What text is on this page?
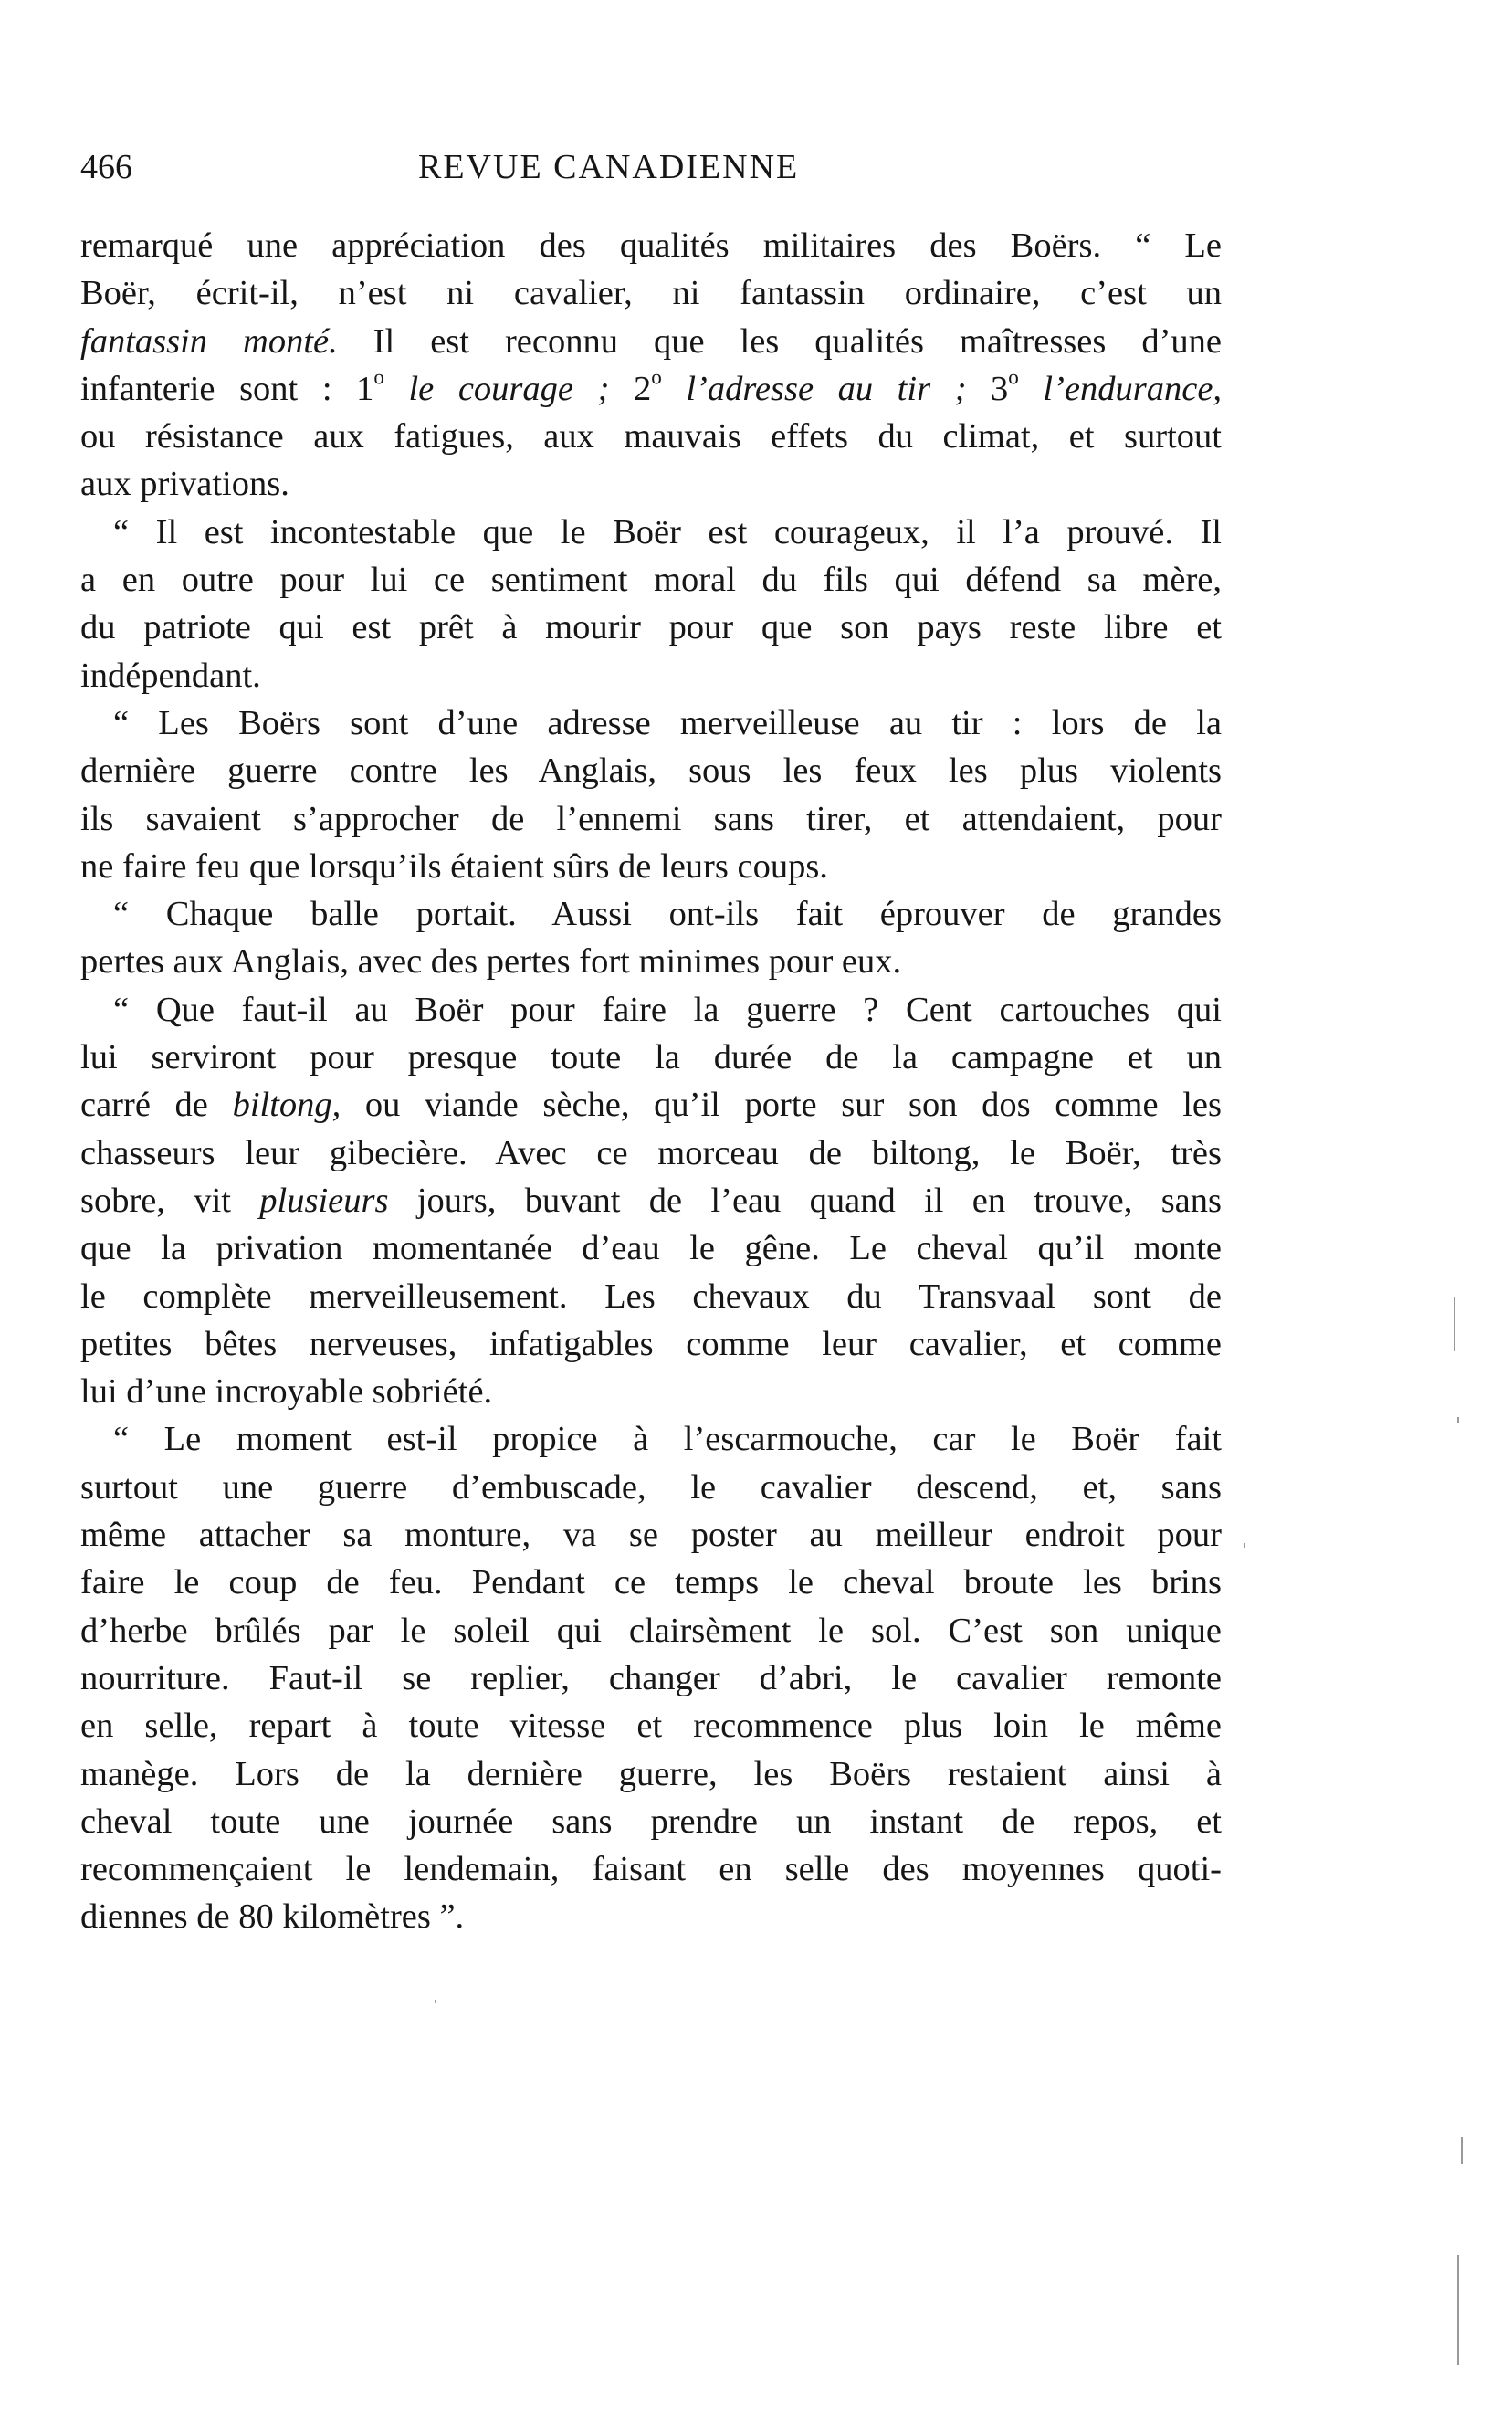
466	REVUE CANADIENNE
remarqué une appréciation des qualités militaires des Boërs. “ Le
Boër, écrit-il, n’est ni cavalier, ni fantassin ordinaire, c’est un
fantassin monté. Il est reconnu que les qualités maîtresses d’une
infanterie sont : 1$^o$ le courage ; 2$^o$ l’adresse au tir ; 3$^o$ l’endurance,
ou résistance aux fatigues, aux mauvais effets du climat, et surtout
aux privations.
“ Il est incontestable que le Boër est courageux, il l’a prouvé. Il
a en outre pour lui ce sentiment moral du fils qui défend sa mère,
du patriote qui est prêt à mourir pour que son pays reste libre et
indépendant.
“ Les Boërs sont d’une adresse merveilleuse au tir : lors de la
dernière guerre contre les Anglais, sous les feux les plus violents
ils savaient s’approcher de l’ennemi sans tirer, et attendaient, pour
ne faire feu que lorsqu’ils étaient sûrs de leurs coups.
“ Chaque balle portait. Aussi ont-ils fait éprouver de grandes
pertes aux Anglais, avec des pertes fort minimes pour eux.
“ Que faut-il au Boër pour faire la guerre ? Cent cartouches qui
lui serviront pour presque toute la durée de la campagne et un
carré de biltong, ou viande sèche, qu’il porte sur son dos comme les
chasseurs leur gibecière. Avec ce morceau de biltong, le Boër, très
sobre, vit plusieurs jours, buvant de l’eau quand il en trouve, sans
que la privation momentanée d’eau le gêne. Le cheval qu’il monte
le complète merveilleusement. Les chevaux du Transvaal sont de
petites bêtes nerveuses, infatigables comme leur cavalier, et comme
lui d’une incroyable sobriété.
“ Le moment est-il propice à l’escarmouche, car le Boër fait
surtout une guerre d’embuscade, le cavalier descend, et, sans
même attacher sa monture, va se poster au meilleur endroit pour
faire le coup de feu. Pendant ce temps le cheval broute les brins
d’herbe brûlés par le soleil qui clairsèment le sol. C’est son unique
nourriture. Faut-il se replier, changer d’abri, le cavalier remonte
en selle, repart à toute vitesse et recommence plus loin le même
manège. Lors de la dernière guerre, les Boërs restaient ainsi à
cheval toute une journée sans prendre un instant de repos, et
recommençaient le lendemain, faisant en selle des moyennes quoti-
diennes de 80 kilomètres ”.
